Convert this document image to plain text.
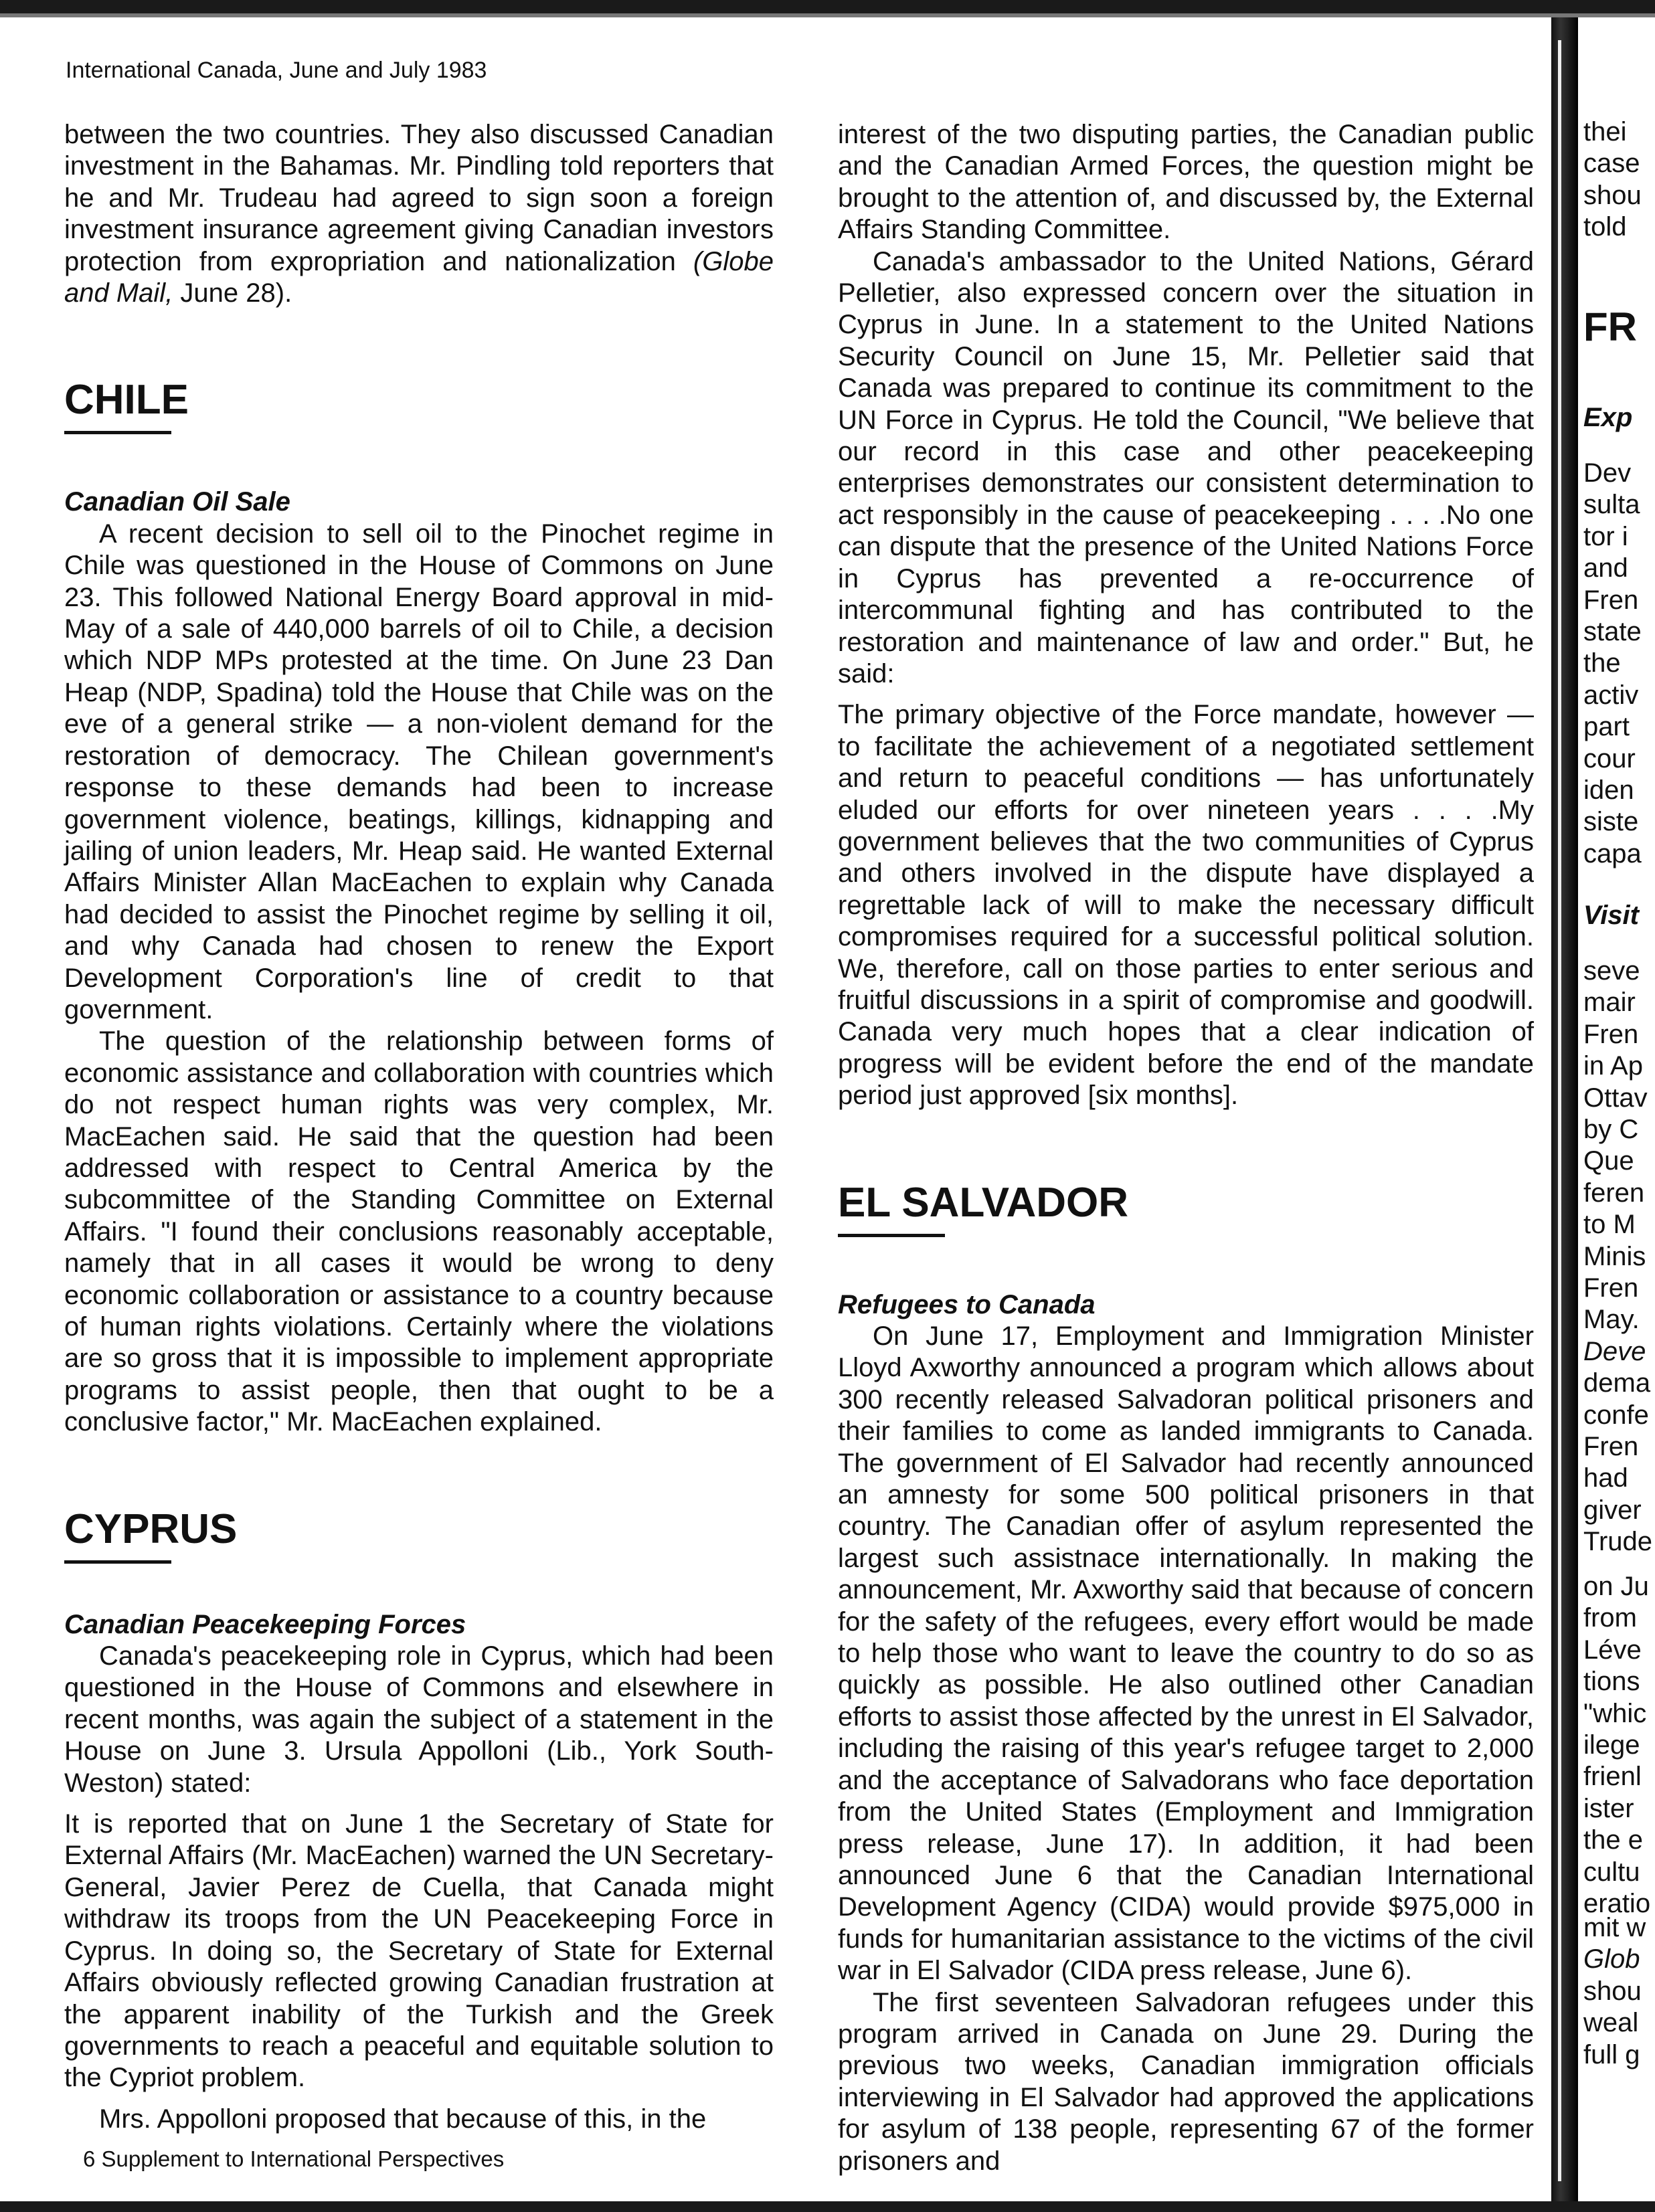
International Canada, June and July 1983

between the two countries. They also discussed Canadian investment in the Bahamas. Mr. Pindling told reporters that he and Mr. Trudeau had agreed to sign soon a foreign investment insurance agreement giving Canadian investors protection from expropriation and nationalization (Globe and Mail, June 28).

CHILE
Canadian Oil Sale

A recent decision to sell oil to the Pinochet regime in Chile was questioned in the House of Commons on June 23. This followed National Energy Board approval in mid-May of a sale of 440,000 barrels of oil to Chile, a decision which NDP MPs protested at the time. On June 23 Dan Heap (NDP, Spadina) told the House that Chile was on the eve of a general strike — a non-violent demand for the restoration of democracy. The Chilean government's response to these demands had been to increase government violence, beatings, killings, kidnapping and jailing of union leaders, Mr. Heap said. He wanted External Affairs Minister Allan MacEachen to explain why Canada had decided to assist the Pinochet regime by selling it oil, and why Canada had chosen to renew the Export Development Corporation's line of credit to that government.

The question of the relationship between forms of economic assistance and collaboration with countries which do not respect human rights was very complex, Mr. MacEachen said. He said that the question had been addressed with respect to Central America by the subcommittee of the Standing Committee on External Affairs. "I found their conclusions reasonably acceptable, namely that in all cases it would be wrong to deny economic collaboration or assistance to a country because of human rights violations. Certainly where the violations are so gross that it is impossible to implement appropriate programs to assist people, then that ought to be a conclusive factor," Mr. MacEachen explained.

CYPRUS
Canadian Peacekeeping Forces

Canada's peacekeeping role in Cyprus, which had been questioned in the House of Commons and elsewhere in recent months, was again the subject of a statement in the House on June 3. Ursula Appolloni (Lib., York South-Weston) stated:

It is reported that on June 1 the Secretary of State for External Affairs (Mr. MacEachen) warned the UN Secretary-General, Javier Perez de Cuella, that Canada might withdraw its troops from the UN Peacekeeping Force in Cyprus. In doing so, the Secretary of State for External Affairs obviously reflected growing Canadian frustration at the apparent inability of the Turkish and the Greek governments to reach a peaceful and equitable solution to the Cypriot problem.

Mrs. Appolloni proposed that because of this, in the

interest of the two disputing parties, the Canadian public and the Canadian Armed Forces, the question might be brought to the attention of, and discussed by, the External Affairs Standing Committee.

Canada's ambassador to the United Nations, Gérard Pelletier, also expressed concern over the situation in Cyprus in June. In a statement to the United Nations Security Council on June 15, Mr. Pelletier said that Canada was prepared to continue its commitment to the UN Force in Cyprus. He told the Council, "We believe that our record in this case and other peacekeeping enterprises demonstrates our consistent determination to act responsibly in the cause of peacekeeping . . . .No one can dispute that the presence of the United Nations Force in Cyprus has prevented a re-occurrence of intercommunal fighting and has contributed to the restoration and maintenance of law and order." But, he said:

The primary objective of the Force mandate, however — to facilitate the achievement of a negotiated settlement and return to peaceful conditions — has unfortunately eluded our efforts for over nineteen years . . . .My government believes that the two communities of Cyprus and others involved in the dispute have displayed a regrettable lack of will to make the necessary difficult compromises required for a successful political solution. We, therefore, call on those parties to enter serious and fruitful discussions in a spirit of compromise and goodwill. Canada very much hopes that a clear indication of progress will be evident before the end of the mandate period just approved [six months].

EL SALVADOR
Refugees to Canada

On June 17, Employment and Immigration Minister Lloyd Axworthy announced a program which allows about 300 recently released Salvadoran political prisoners and their families to come as landed immigrants to Canada. The government of El Salvador had recently announced an amnesty for some 500 political prisoners in that country. The Canadian offer of asylum represented the largest such assistnace internationally. In making the announcement, Mr. Axworthy said that because of concern for the safety of the refugees, every effort would be made to help those who want to leave the country to do so as quickly as possible. He also outlined other Canadian efforts to assist those affected by the unrest in El Salvador, including the raising of this year's refugee target to 2,000 and the acceptance of Salvadorans who face deportation from the United States (Employment and Immigration press release, June 17). In addition, it had been announced June 6 that the Canadian International Development Agency (CIDA) would provide $975,000 in funds for humanitarian assistance to the victims of the civil war in El Salvador (CIDA press release, June 6).

The first seventeen Salvadoran refugees under this program arrived in Canada on June 29. During the previous two weeks, Canadian immigration officials interviewing in El Salvador had approved the applications for asylum of 138 people, representing 67 of the former prisoners and

6 Supplement to International Perspectives
thei
case
shou
told
FR
Exp
Dev
sulta
tor i
and
Fren
state
the
activ
part
cour
iden
siste
capa
Visit
seve
mair
Fren
in Ap
Ottav
by C
Que
feren
to M
Minis
Fren
May.
Deve
dema
confe
Fren
had
giver
Trude
on Ju
from
Léve
tions
"whic
ilege
frienl
ister
the e
cultu
eratio
mit w
Glob
shou
weal
full g
